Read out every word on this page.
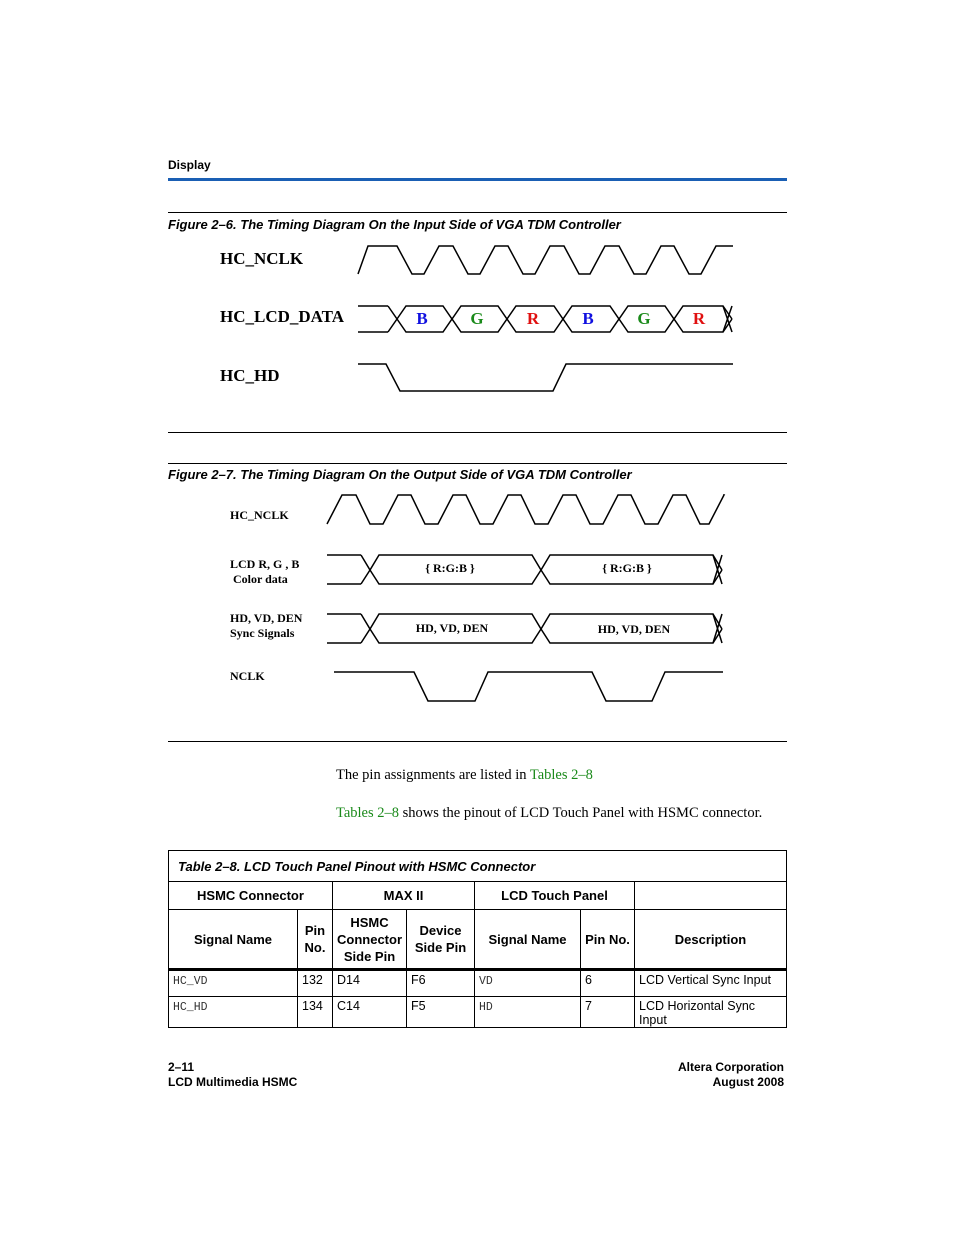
Display
Figure 2–6. The Timing Diagram On the Input Side of VGA TDM Controller
HC_NCLK
HC_LCD_DATA
HC_HD
B	G	R	B	G R
Figure 2–7. The Timing Diagram On the Output Side of VGA TDM Controller
HC_NCLK
LCD R, G , B
Color data
HD, VD, DEN
Sync Signals
NCLK
{ R:G:B }	{ R:G:B }
HD, VD, DEN	HD, VD, DEN
The pin assignments are listed in Tables 2–8
Tables 2–8 shows the pinout of LCD Touch Panel with HSMC connector.
Table 2–8. LCD Touch Panel Pinout with HSMC Connector						
HSMC Connector		MAX II		LCD Touch Panel		
Signal Name	Pin No.	HSMC Connector Side Pin	Device Side Pin	Signal Name	Pin No.	Description
HC_VD	132	D14	F6	VD	6	LCD Vertical Sync Input
HC_HD	134	C14	F5	HD	7	LCD Horizontal Sync Input
2–11
LCD Multimedia HSMC
Altera Corporation
August 2008
